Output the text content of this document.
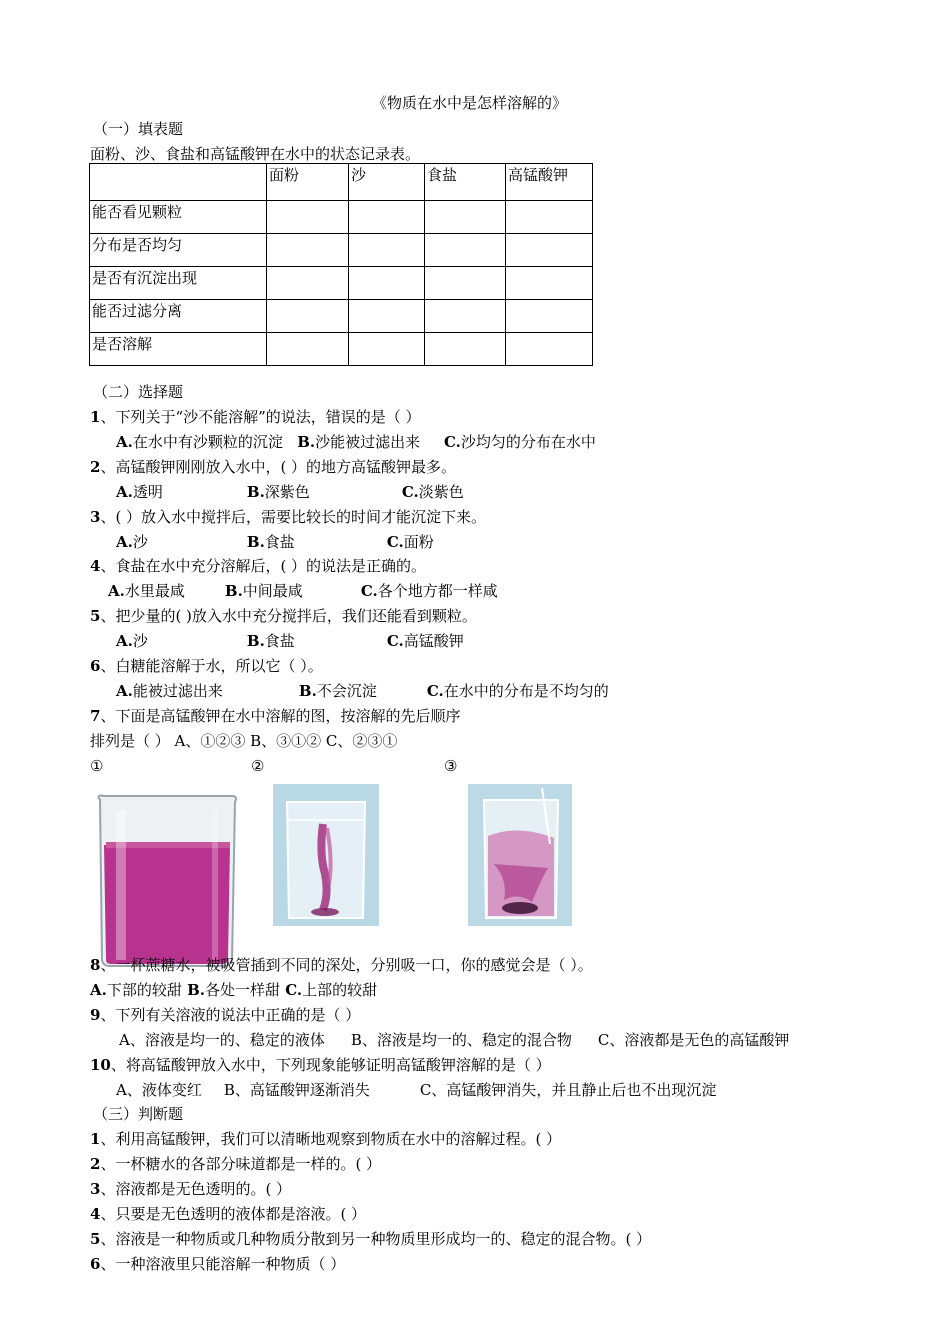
《物质在水中是怎样溶解的》
（一）填表题
面粉、沙、食盐和高锰酸钾在水中的状态记录表。
	面粉	沙	食盐	高锰酸钾
能否看见颗粒				
分布是否均匀				
是否有沉淀出现				
能否过滤分离				
是否溶解				
（二）选择题
1、下列关于“沙不能溶解”的说法，错误的是（ ）
A.在水中有沙颗粒的沉淀 B.沙能被过滤出来 C.沙均匀的分布在水中
2、高锰酸钾刚刚放入水中，( ）的地方高锰酸钾最多。
A.透明	B.深紫色	C.淡紫色
3、( ）放入水中搅拌后，需要比较长的时间才能沉淀下来。
A.沙	B.食盐	C.面粉
4、食盐在水中充分溶解后，( ）的说法是正确的。
A.水里最咸	B.中间最咸	C.各个地方都一样咸
5、把少量的( )放入水中充分搅拌后，我们还能看到颗粒。
A.沙	B.食盐	C.高锰酸钾
6、白糖能溶解于水，所以它（ ）。
A.能被过滤出来	B.不会沉淀	C.在水中的分布是不均匀的
7、下面是高锰酸钾在水中溶解的图，按溶解的先后顺序
排列是（ ） A、①②③ B、③①② C、②③①
①	②	③
8、一杯蔗糖水，被吸管插到不同的深处，分别吸一口，你的感觉会是（ ）。
A.下部的较甜 B.各处一样甜 C.上部的较甜
9、下列有关溶液的说法中正确的是（ ）
A、溶液是均一的、稳定的液体 B、溶液是均一的、稳定的混合物 C、溶液都是无色的高锰酸钾
10、将高锰酸钾放入水中，下列现象能够证明高锰酸钾溶解的是（ ）
A、液体变红 B、高锰酸钾逐渐消失	C、高锰酸钾消失，并且静止后也不出现沉淀
（三）判断题
1、利用高锰酸钾，我们可以清晰地观察到物质在水中的溶解过程。( ）
2、一杯糖水的各部分味道都是一样的。( ）
3、溶液都是无色透明的。( ）
4、只要是无色透明的液体都是溶液。( ）
5、溶液是一种物质或几种物质分散到另一种物质里形成均一的、稳定的混合物。( ）
6、一种溶液里只能溶解一种物质（ ）
